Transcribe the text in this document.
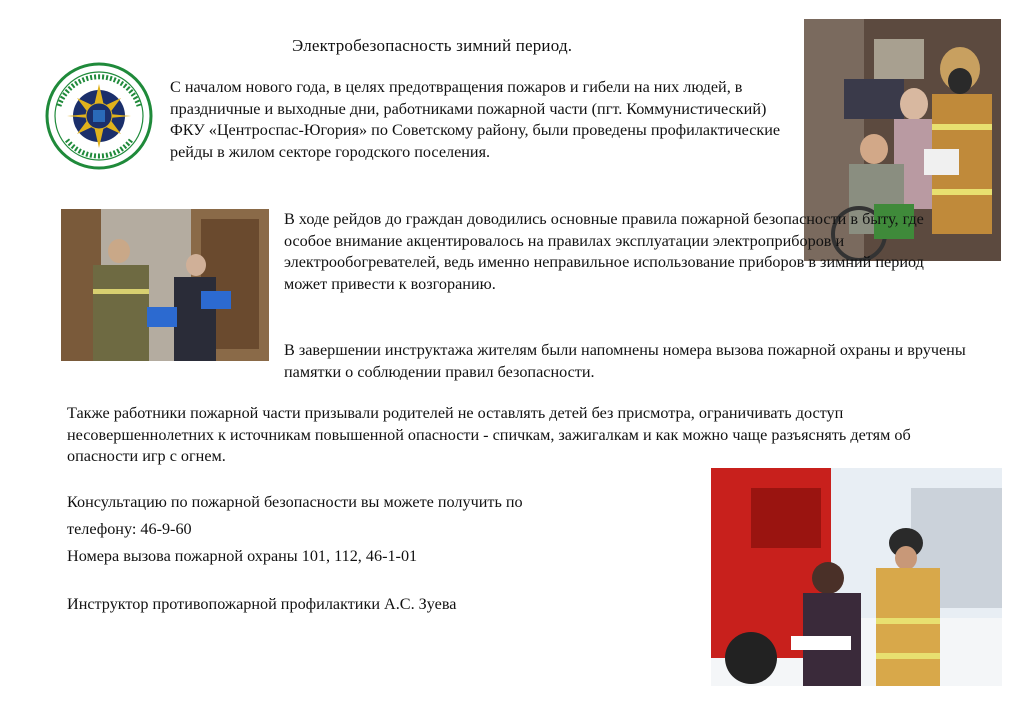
Электробезопасность зимний период.

С началом нового года, в целях предотвращения пожаров и гибели на них людей, в праздничные и выходные дни, работниками пожарной части (пгт. Коммунистический) ФКУ «Центроспас-Югория» по Советскому району, были проведены профилактические рейды в жилом секторе городского поселения.

В ходе рейдов до граждан доводились основные правила пожарной безопасности в быту, где особое внимание акцентировалось на правилах эксплуатации электроприборов и электрообогревателей, ведь именно неправильное использование приборов в зимний период может привести к возгоранию.

В завершении инструктажа жителям были напомнены номера вызова пожарной охраны и вручены памятки о соблюдении правил безопасности.

Также работники пожарной части призывали родителей не оставлять детей без присмотра, ограничивать доступ несовершеннолетних к источникам повышенной опасности - спичкам, зажигалкам и как можно чаще разъяснять детям об опасности игр с огнем.

Консультацию по пожарной безопасности вы можете получить по
телефону: 46-9-60
Номера вызова пожарной охраны 101, 112, 46-1-01
Инструктор противопожарной профилактики А.С. Зуева
